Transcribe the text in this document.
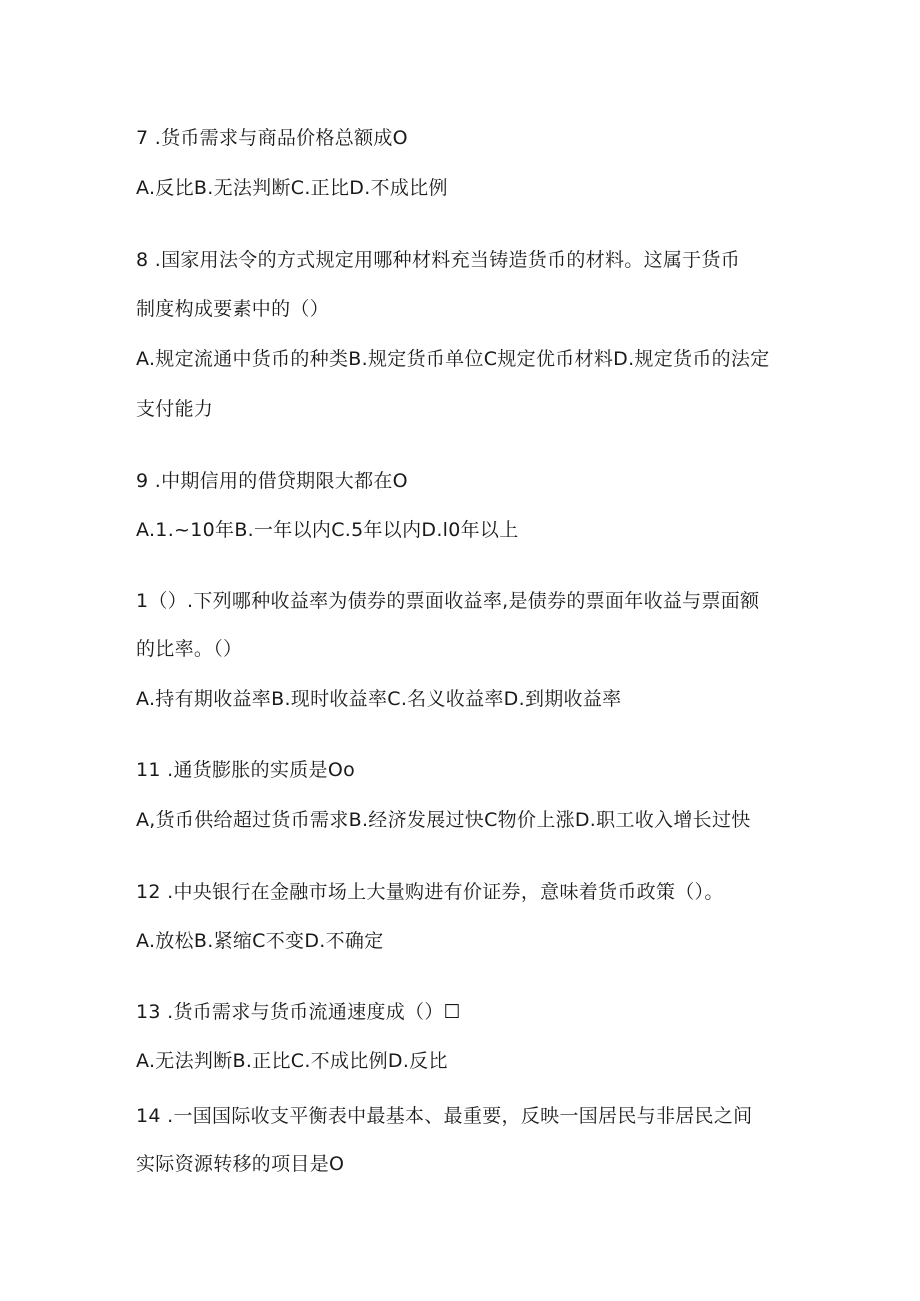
7 .货币需求与商品价格总额成O
A.反比B.无法判断C.正比D.不成比例
8 .国家用法令的方式规定用哪种材料充当铸造货币的材料。这属于货币
制度构成要素中的（）
A.规定流通中货币的种类B.规定货币单位C规定优币材料D.规定货币的法定
支付能力
9 .中期信用的借贷期限大都在O
A.1.~10年B.一年以内C.5年以内D.l0年以上
1（）.下列哪种收益率为债券的票面收益率,是债券的票面年收益与票面额
的比率。（）
A.持有期收益率B.现时收益率C.名义收益率D.到期收益率
11 .通货膨胀的实质是Oo
A,货币供给超过货币需求B.经济发展过快C物价上涨D.职工收入增长过快
12 .中央银行在金融市场上大量购进有价证券，意味着货币政策（）。
A.放松B.紧缩C不变D.不确定
13 .货币需求与货币流通速度成（）☐
A.无法判断B.正比C.不成比例D.反比
14 .一国国际收支平衡表中最基本、最重要，反映一国居民与非居民之间
实际资源转移的项目是O
